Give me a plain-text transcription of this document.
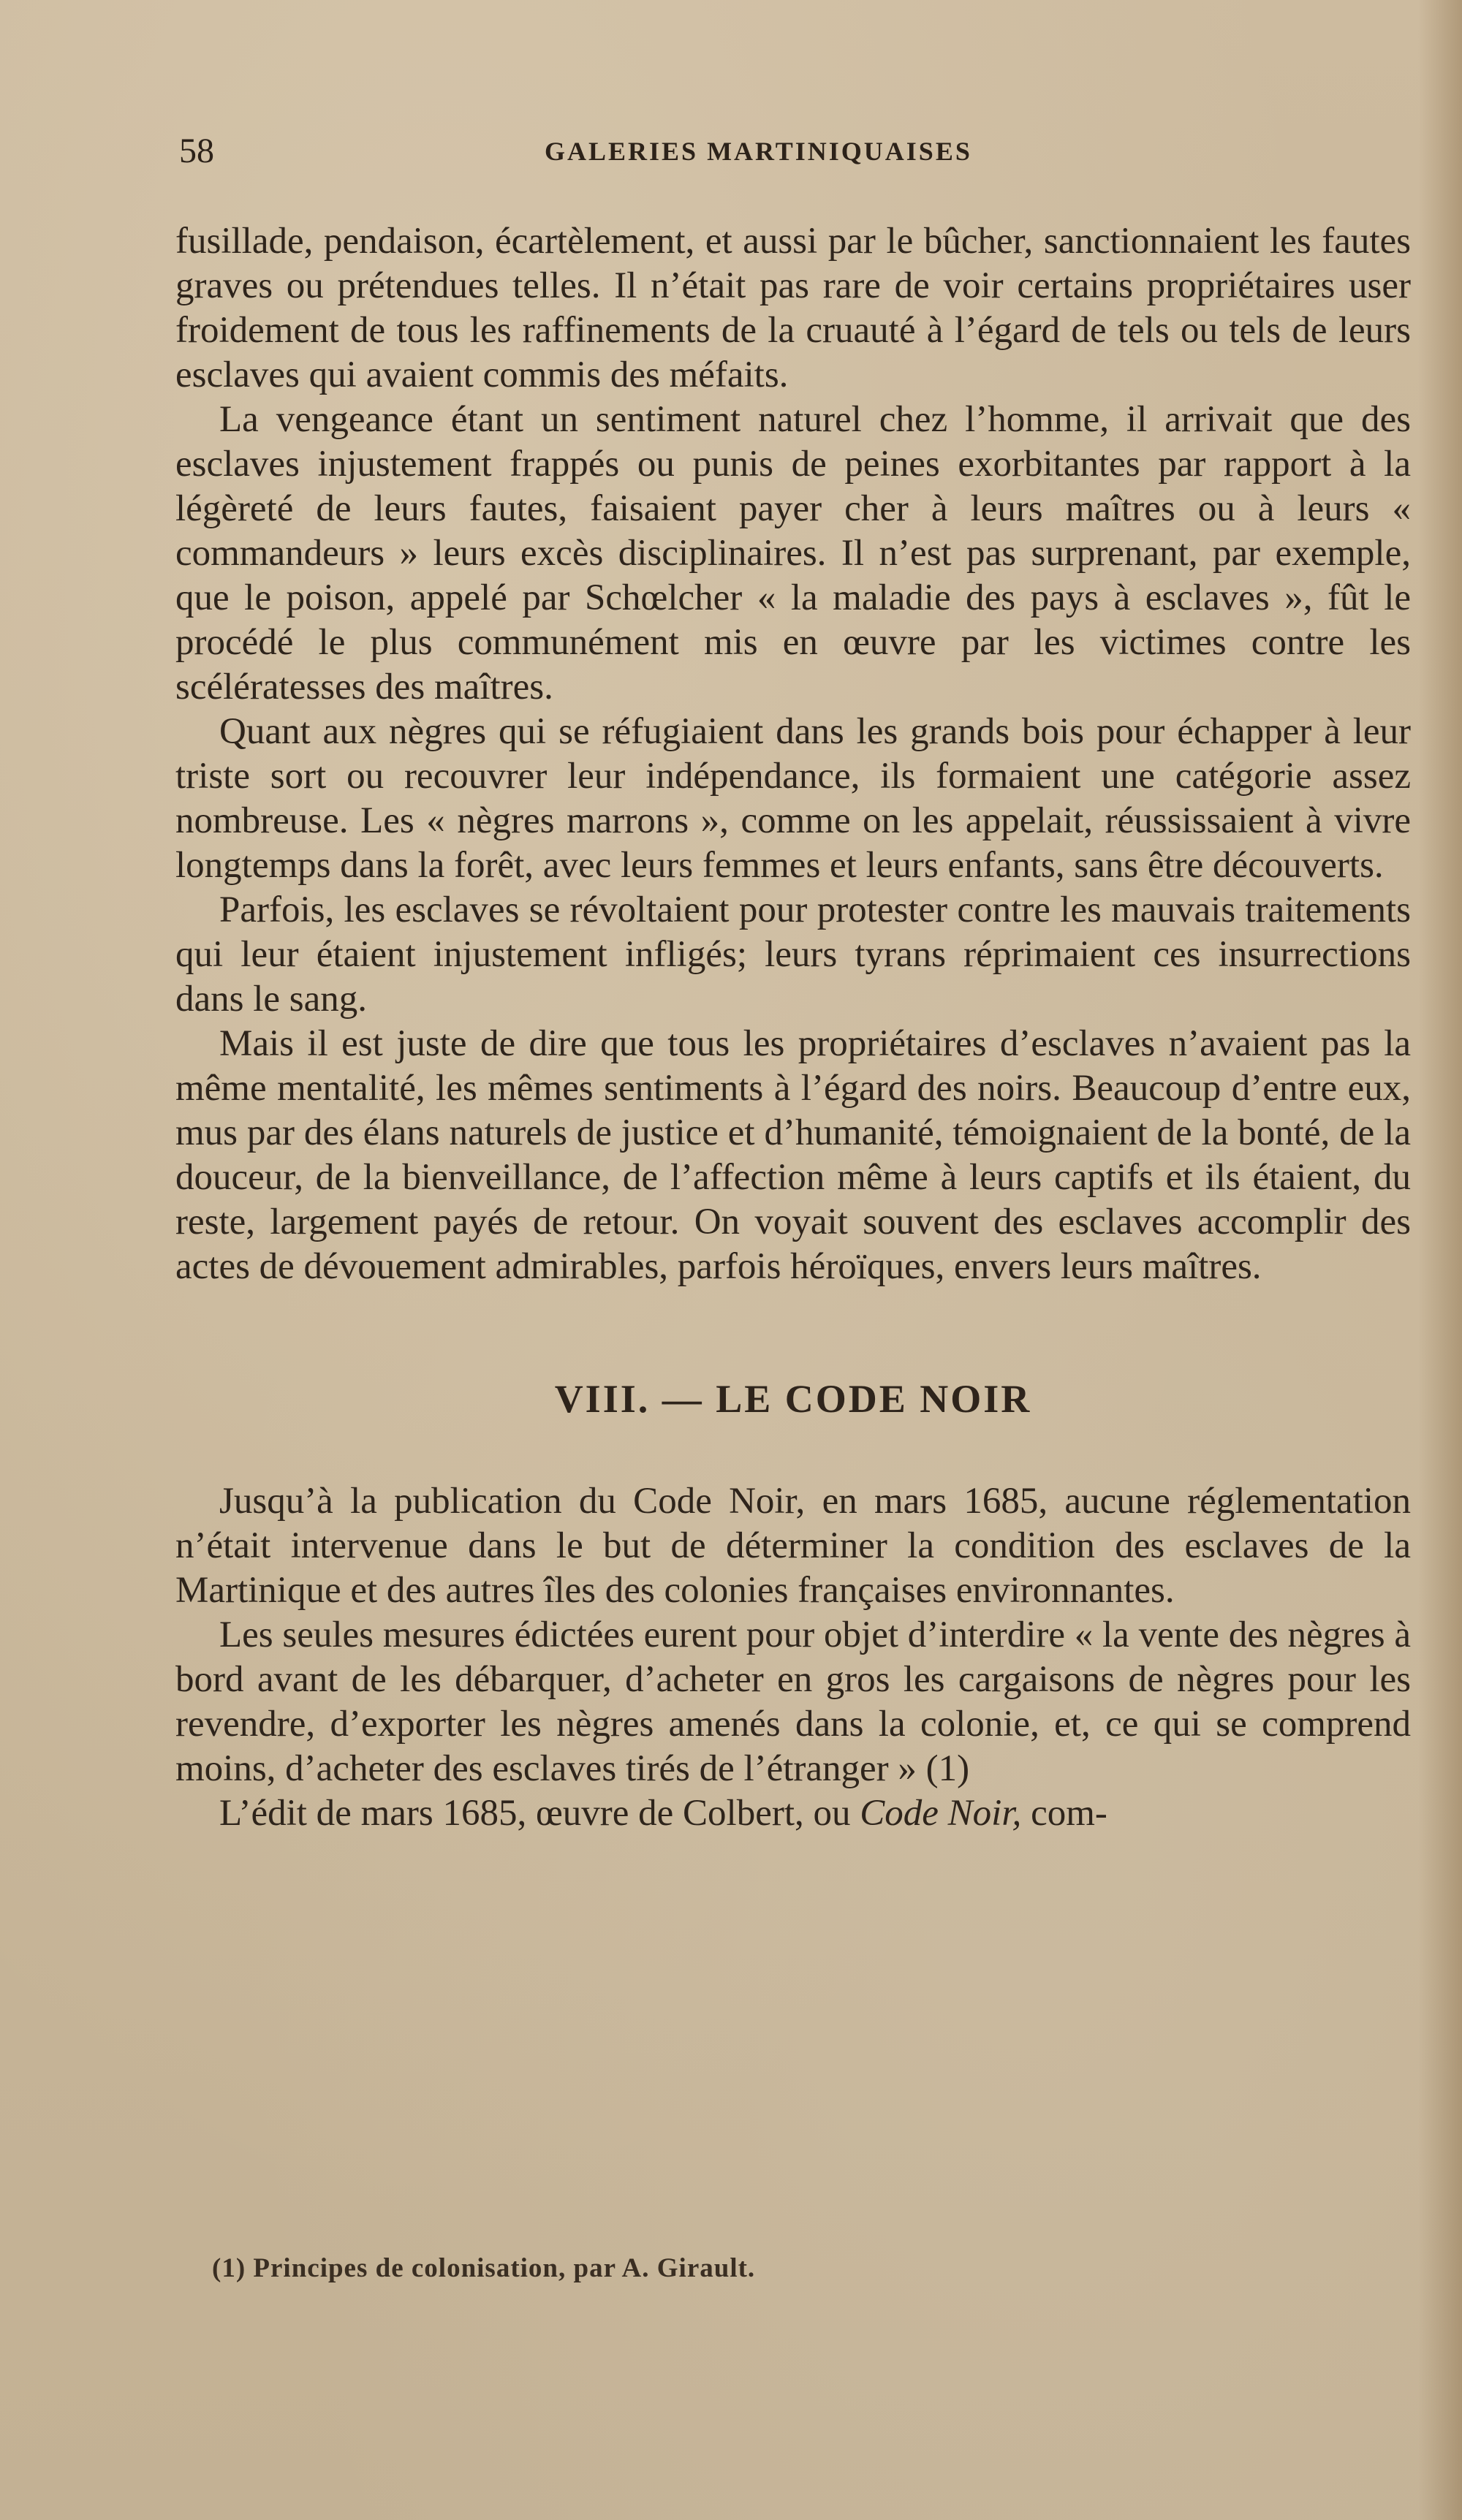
58	GALERIES MARTINIQUAISES

fusillade, pendaison, écartèlement, et aussi par le bûcher, sanctionnaient les fautes graves ou prétendues telles. Il n’était pas rare de voir certains propriétaires user froidement de tous les raffinements de la cruauté à l’égard de tels ou tels de leurs esclaves qui avaient commis des méfaits.

La vengeance étant un sentiment naturel chez l’homme, il arrivait que des esclaves injustement frappés ou punis de peines exorbitantes par rapport à la légèreté de leurs fautes, faisaient payer cher à leurs maîtres ou à leurs « commandeurs » leurs excès disciplinaires. Il n’est pas surprenant, par exemple, que le poison, appelé par Schœlcher « la maladie des pays à esclaves », fût le procédé le plus communément mis en œuvre par les victimes contre les scélératesses des maîtres.

Quant aux nègres qui se réfugiaient dans les grands bois pour échapper à leur triste sort ou recouvrer leur indépendance, ils formaient une catégorie assez nombreuse. Les « nègres marrons », comme on les appelait, réussissaient à vivre longtemps dans la forêt, avec leurs femmes et leurs enfants, sans être découverts.

Parfois, les esclaves se révoltaient pour protester contre les mauvais traitements qui leur étaient injustement infligés; leurs tyrans réprimaient ces insurrections dans le sang.

Mais il est juste de dire que tous les propriétaires d’esclaves n’avaient pas la même mentalité, les mêmes sentiments à l’égard des noirs. Beaucoup d’entre eux, mus par des élans naturels de justice et d’humanité, témoignaient de la bonté, de la douceur, de la bienveillance, de l’affection même à leurs captifs et ils étaient, du reste, largement payés de retour. On voyait souvent des esclaves accomplir des actes de dévouement admirables, parfois héroïques, envers leurs maîtres.

VIII. — LE CODE NOIR

Jusqu’à la publication du Code Noir, en mars 1685, aucune réglementation n’était intervenue dans le but de déterminer la condition des esclaves de la Martinique et des autres îles des colonies françaises environnantes.

Les seules mesures édictées eurent pour objet d’interdire « la vente des nègres à bord avant de les débarquer, d’acheter en gros les cargaisons de nègres pour les revendre, d’exporter les nègres amenés dans la colonie, et, ce qui se comprend moins, d’acheter des esclaves tirés de l’étranger » (1)

L’édit de mars 1685, œuvre de Colbert, ou Code Noir, com-

(1) Principes de colonisation, par A. Girault.
